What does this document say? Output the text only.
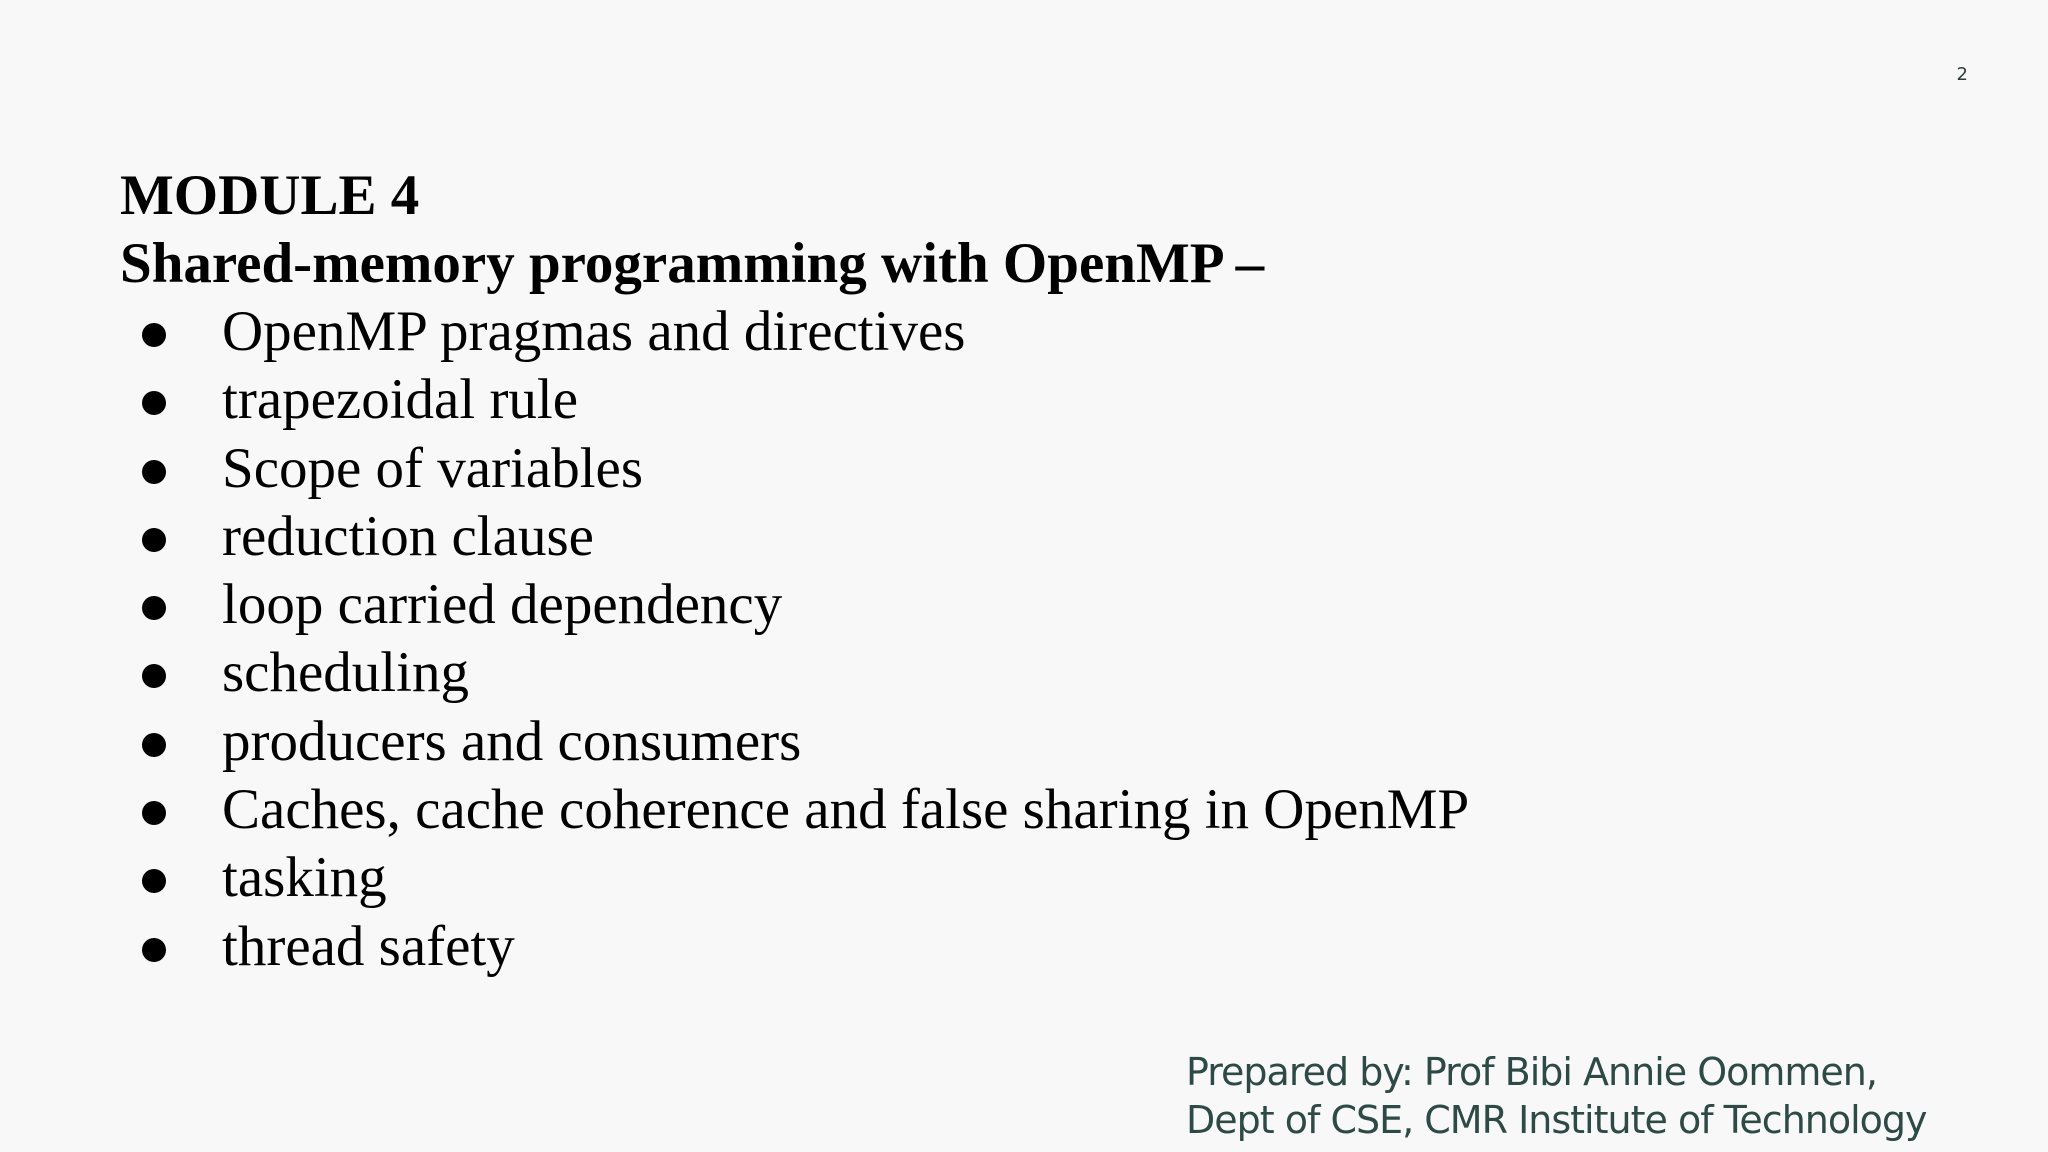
2

MODULE 4

Shared-memory programming with OpenMP –

OpenMP pragmas and directives
trapezoidal rule
Scope of variables
reduction clause
loop carried dependency
scheduling
producers and consumers
Caches, cache coherence and false sharing in OpenMP
tasking
thread safety
Prepared by: Prof Bibi Annie Oommen,
Dept of CSE, CMR Institute of Technology
